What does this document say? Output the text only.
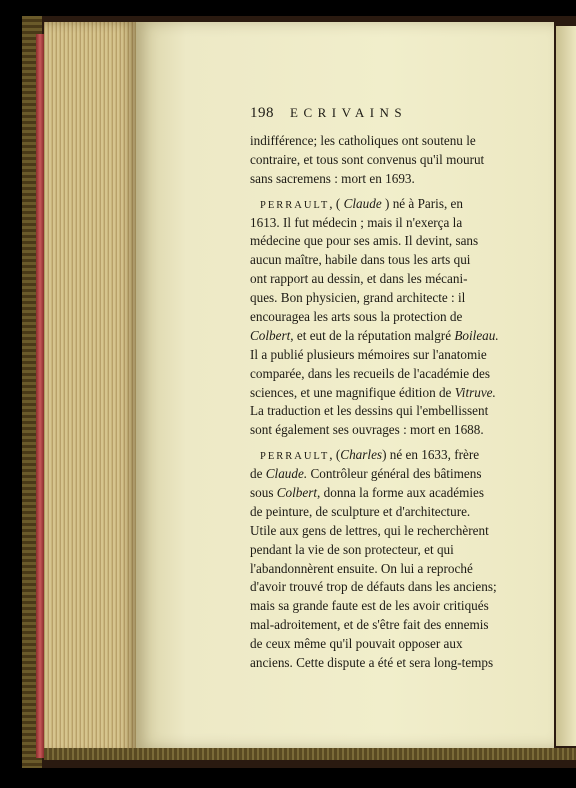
198 ECRIVAINS
indifférence; les catholiques ont soutenu le
contraire, et tous sont convenus qu'il mourut
sans sacremens : mort en 1693.
PERRAULT, ( Claude ) né à Paris, en
1613. Il fut médecin ; mais il n'exerça la
médecine que pour ses amis. Il devint, sans
aucun maître, habile dans tous les arts qui
ont rapport au dessin, et dans les mécani-
ques. Bon physicien, grand architecte : il
encouragea les arts sous la protection de
Colbert, et eut de la réputation malgré Boileau.
Il a publié plusieurs mémoires sur l'anatomie
comparée, dans les recueils de l'académie des
sciences, et une magnifique édition de Vitruve.
La traduction et les dessins qui l'embellissent
sont également ses ouvrages : mort en 1688.
PERRAULT, (Charles) né en 1633, frère
de Claude. Contrôleur général des bâtimens
sous Colbert, donna la forme aux académies
de peinture, de sculpture et d'architecture.
Utile aux gens de lettres, qui le recherchèrent
pendant la vie de son protecteur, et qui
l'abandonnèrent ensuite. On lui a reproché
d'avoir trouvé trop de défauts dans les anciens;
mais sa grande faute est de les avoir critiqués
mal-adroitement, et de s'être fait des ennemis
de ceux même qu'il pouvait opposer aux
anciens. Cette dispute a été et sera long-temps
